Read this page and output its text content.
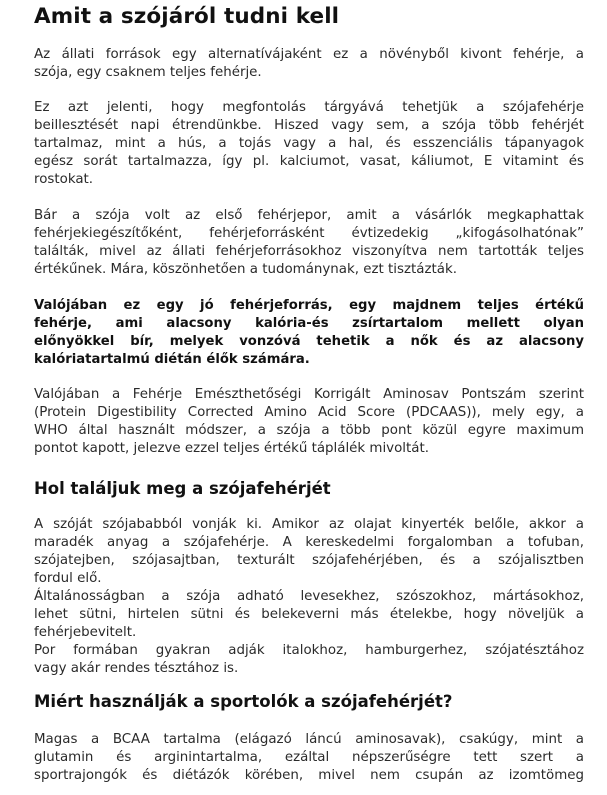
Amit a szójáról tudni kell
Az állati források egy alternatívájaként ez a növényből kivont fehérje, a
szója, egy csaknem teljes fehérje.
Ez azt jelenti, hogy megfontolás tárgyává tehetjük a szójafehérje
beillesztését napi étrendünkbe. Hiszed vagy sem, a szója több fehérjét
tartalmaz, mint a hús, a tojás vagy a hal, és esszenciális tápanyagok
egész sorát tartalmazza, így pl. kalciumot, vasat, káliumot, E vitamint és
rostokat.
Bár a szója volt az első fehérjepor, amit a vásárlók megkaphattak
fehérjekiegészítőként, fehérjeforrásként évtizedekig „kifogásolhatónak”
találták, mivel az állati fehérjeforrásokhoz viszonyítva nem tartották teljes
értékűnek. Mára, köszönhetően a tudománynak, ezt tisztázták.
Valójában ez egy jó fehérjeforrás, egy majdnem teljes értékű
fehérje, ami alacsony kalória-és zsírtartalom mellett olyan
előnyökkel bír, melyek vonzóvá tehetik a nők és az alacsony
kalóriatartalmú diétán élők számára.
Valójában a Fehérje Emészthetőségi Korrigált Aminosav Pontszám szerint
(Protein Digestibility Corrected Amino Acid Score (PDCAAS)), mely egy, a
WHO által használt módszer, a szója a több pont közül egyre maximum
pontot kapott, jelezve ezzel teljes értékű táplálék mivoltát.
Hol találjuk meg a szójafehérjét
A szóját szójababból vonják ki. Amikor az olajat kinyerték belőle, akkor a
maradék anyag a szójafehérje. A kereskedelmi forgalomban a tofuban,
szójatejben, szójasajtban, texturált szójafehérjében, és a szójalisztben
fordul elő.
Általánosságban a szója adható levesekhez, szószokhoz, mártásokhoz,
lehet sütni, hirtelen sütni és belekeverni más ételekbe, hogy növeljük a
fehérjebevitelt.
Por formában gyakran adják italokhoz, hamburgerhez, szójatésztához
vagy akár rendes tésztához is.
Miért használják a sportolók a szójafehérjét?
Magas a BCAA tartalma (elágazó láncú aminosavak), csakúgy, mint a
glutamin és arginintartalma, ezáltal népszerűségre tett szert a
sportrajongók és diétázók körében, mivel nem csupán az izomtömeg
